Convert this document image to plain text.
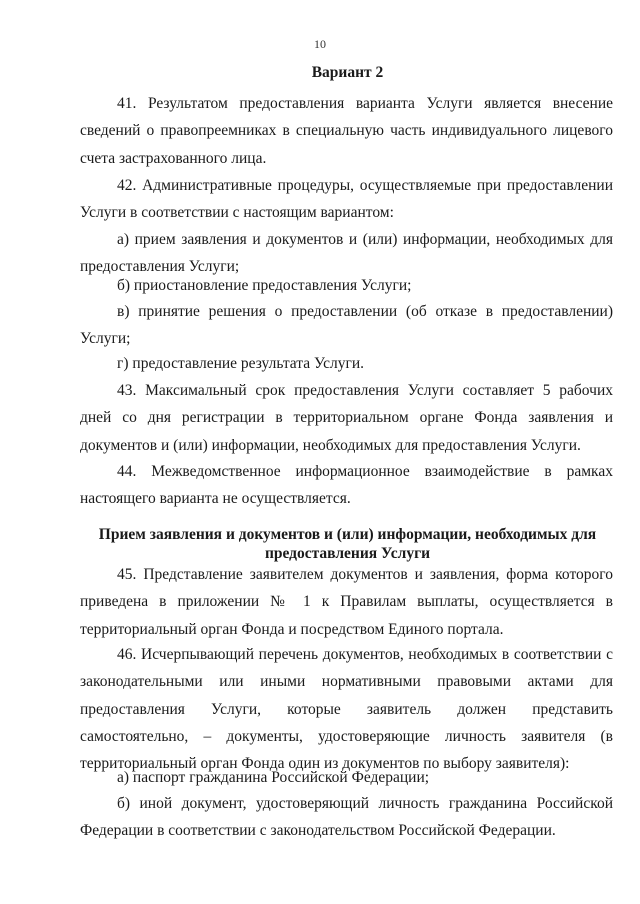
10
Вариант 2

41. Результатом предоставления варианта Услуги является внесение сведений о правопреемниках в специальную часть индивидуального лицевого счета застрахованного лица.

42. Административные процедуры, осуществляемые при предоставлении Услуги в соответствии с настоящим вариантом:

а) прием заявления и документов и (или) информации, необходимых для предоставления Услуги;

б) приостановление предоставления Услуги;

в) принятие решения о предоставлении (об отказе в предоставлении) Услуги;

г) предоставление результата Услуги.

43. Максимальный срок предоставления Услуги составляет 5 рабочих дней со дня регистрации в территориальном органе Фонда заявления и документов и (или) информации, необходимых для предоставления Услуги.

44. Межведомственное информационное взаимодействие в рамках настоящего варианта не осуществляется.

Прием заявления и документов и (или) информации, необходимых для предоставления Услуги

45. Представление заявителем документов и заявления, форма которого приведена в приложении № 1 к Правилам выплаты, осуществляется в территориальный орган Фонда и посредством Единого портала.

46. Исчерпывающий перечень документов, необходимых в соответствии с законодательными или иными нормативными правовыми актами для предоставления Услуги, которые заявитель должен представить самостоятельно, – документы, удостоверяющие личность заявителя (в территориальный орган Фонда один из документов по выбору заявителя):

а) паспорт гражданина Российской Федерации;

б) иной документ, удостоверяющий личность гражданина Российской Федерации в соответствии с законодательством Российской Федерации.
